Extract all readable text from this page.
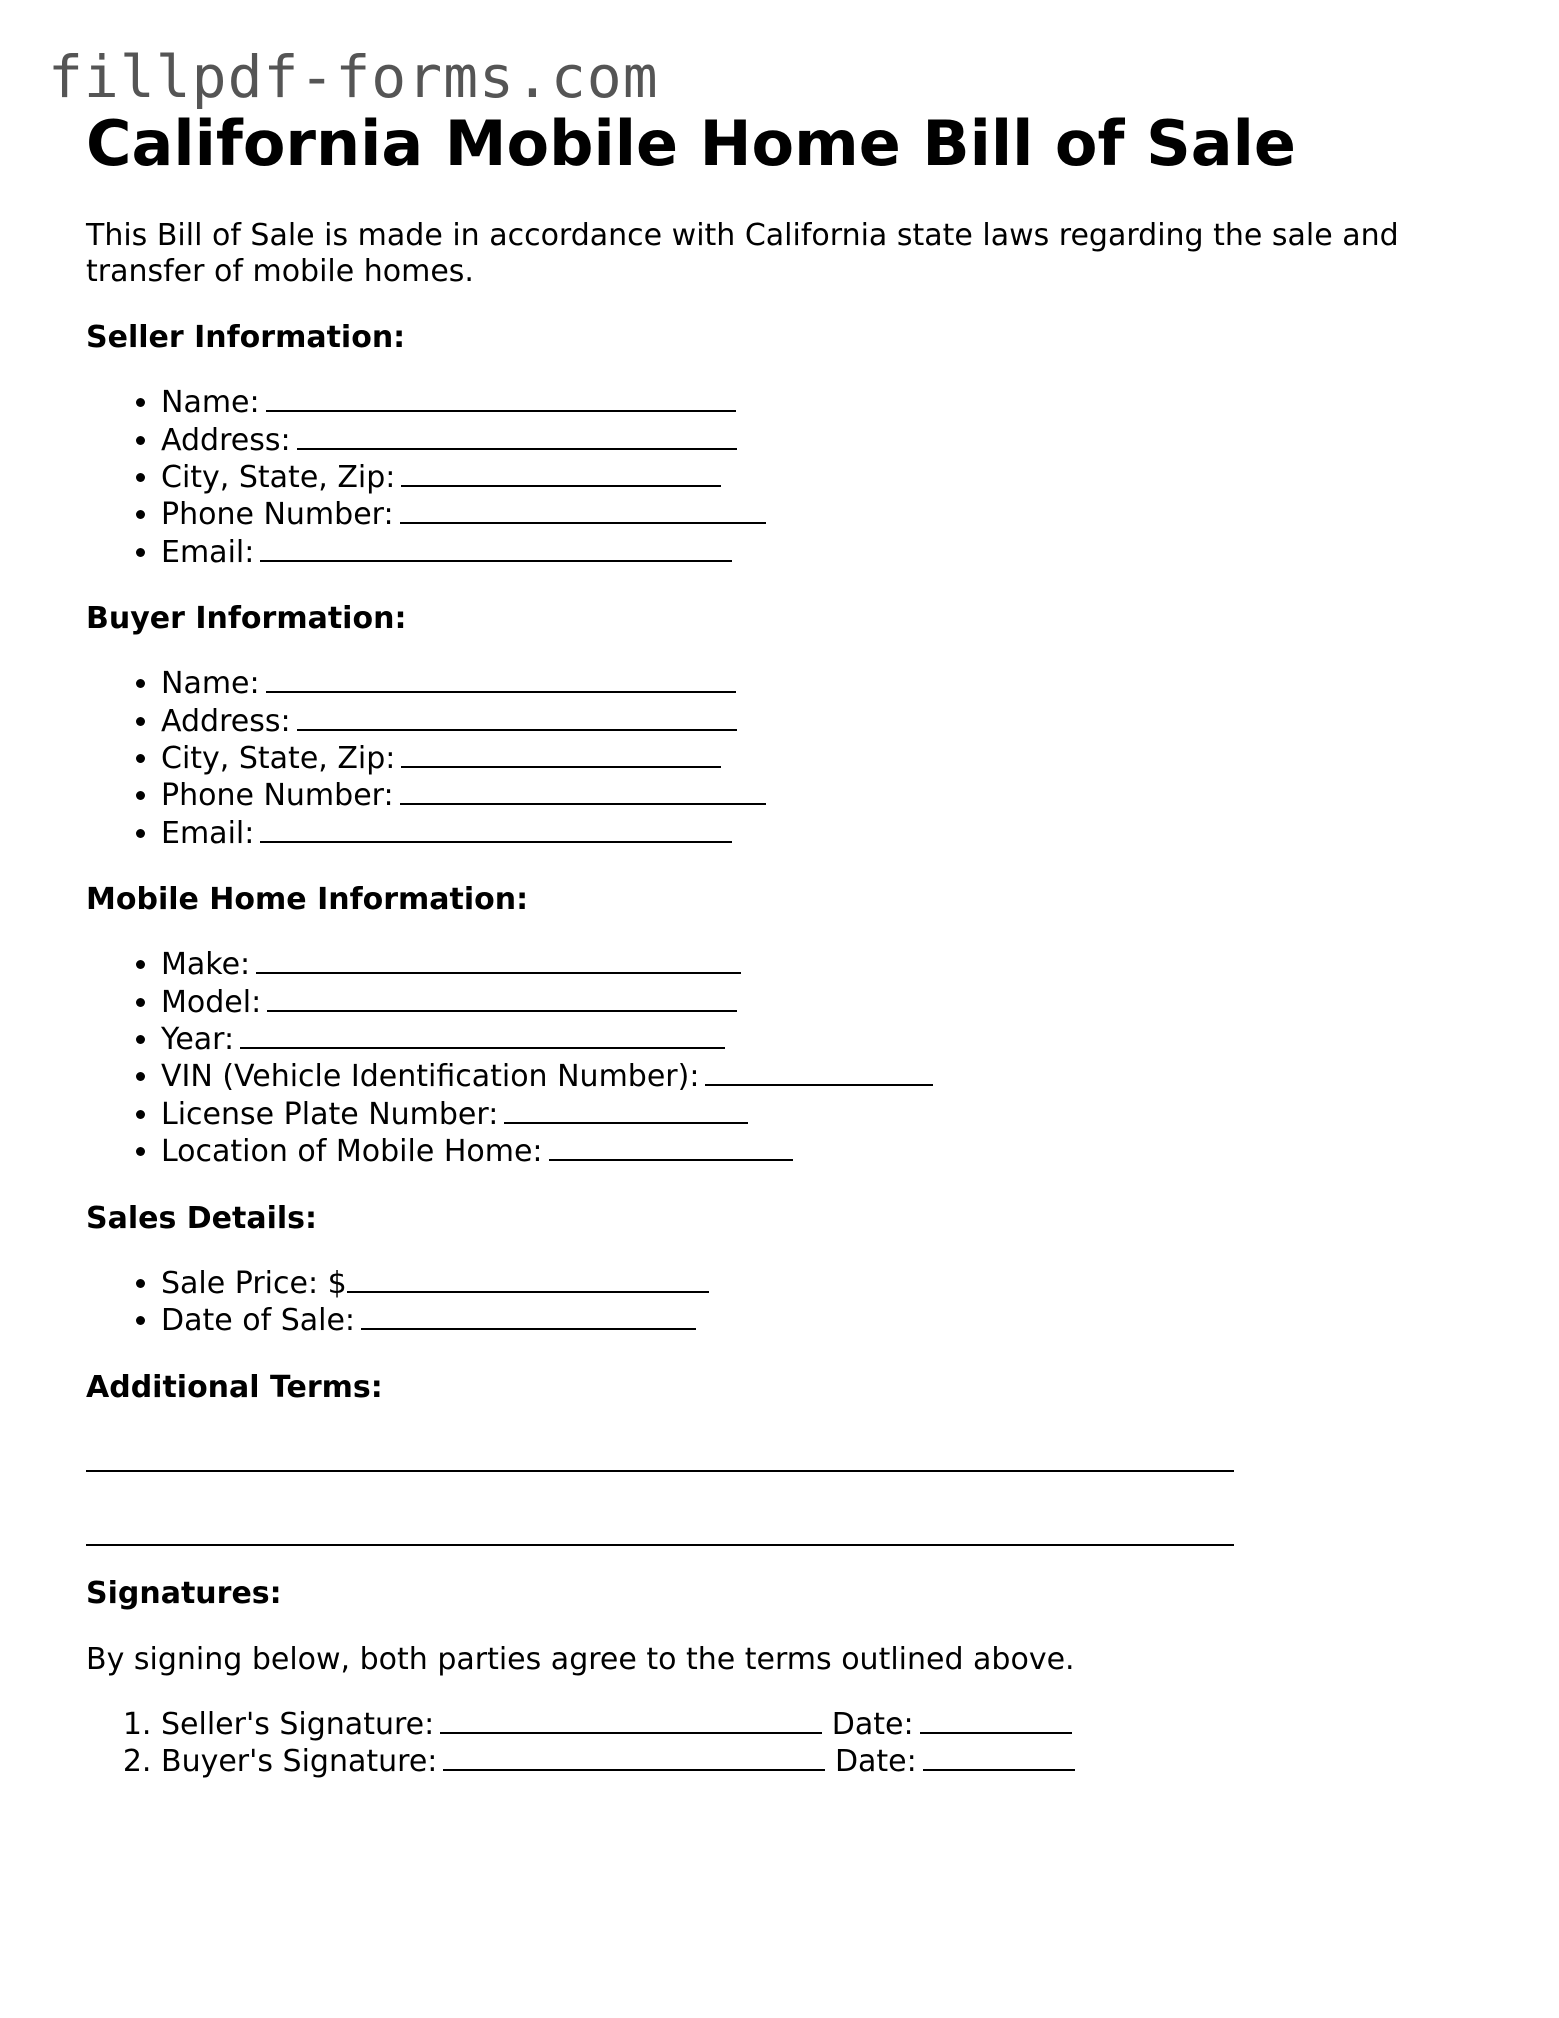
fillpdf-forms.com
California Mobile Home Bill of Sale

This Bill of Sale is made in accordance with California state laws regarding the sale and transfer of mobile homes.

Seller Information:
• Name:
• Address:
• City, State, Zip:
• Phone Number:
• Email:
Buyer Information:
• Name:
• Address:
• City, State, Zip:
• Phone Number:
• Email:
Mobile Home Information:
• Make:
• Model:
• Year:
• VIN (Vehicle Identification Number):
• License Plate Number:
• Location of Mobile Home:
Sales Details:
• Sale Price: $
• Date of Sale:
Additional Terms:
Signatures:

By signing below, both parties agree to the terms outlined above.

1. Seller's Signature:	Date:
2. Buyer's Signature:	Date:
